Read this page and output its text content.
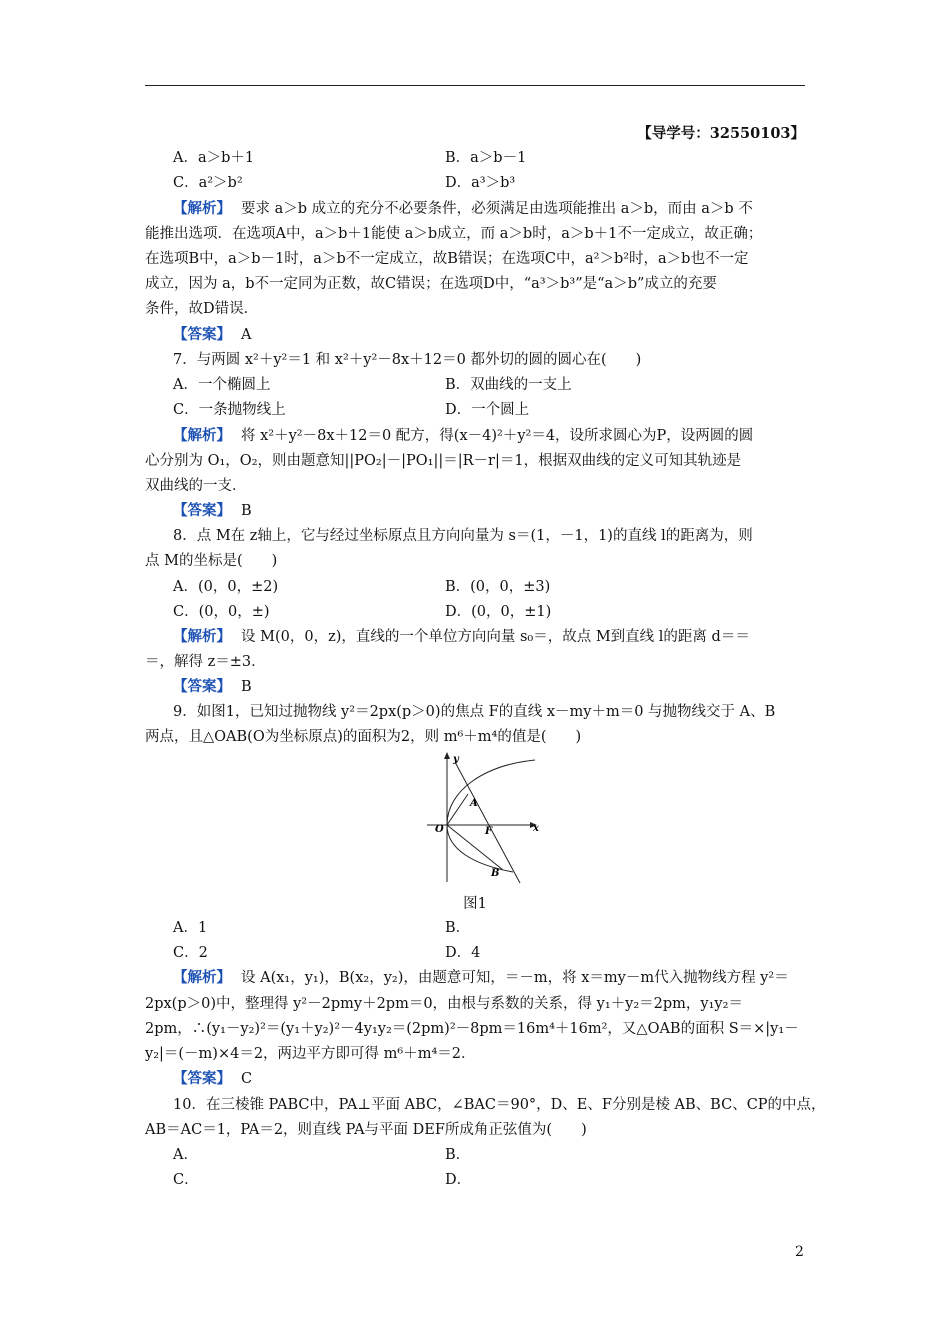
【导学号：32550103】
A．a＞b＋1	B．a＞b－1
C．a²＞b²	D．a³＞b³
【解析】 要求 a＞b 成立的充分不必要条件，必须满足由选项能推出 a＞b，而由 a＞b 不
能推出选项．在选项A中，a＞b＋1能使 a＞b成立，而 a＞b时，a＞b＋1不一定成立，故正确；
在选项B中，a＞b－1时，a＞b不一定成立，故B错误；在选项C中，a²＞b²时，a＞b也不一定
成立，因为 a，b不一定同为正数，故C错误；在选项D中，“a³＞b³”是“a＞b”成立的充要
条件，故D错误．
【答案】 A
7．与两圆 x²＋y²＝1 和 x²＋y²－8x＋12＝0 都外切的圆的圆心在(　　)
A．一个椭圆上	B．双曲线的一支上
C．一条抛物线上	D．一个圆上
【解析】 将 x²＋y²－8x＋12＝0 配方，得(x－4)²＋y²＝4，设所求圆心为P，设两圆的圆
心分别为 O₁，O₂，则由题意知||PO₂|－|PO₁||＝|R－r|＝1，根据双曲线的定义可知其轨迹是
双曲线的一支．
【答案】 B
8．点 M在 z轴上，它与经过坐标原点且方向向量为 s＝(1，－1，1)的直线 l的距离为，则
点 M的坐标是(　　)
A．(0，0，±2)	B．(0，0，±3)
C．(0，0，±)	D．(0，0，±1)
【解析】 设 M(0，0，z)，直线的一个单位方向向量 s₀＝，故点 M到直线 l的距离 d＝＝
＝，解得 z＝±3．
【答案】 B
9．如图1，已知过抛物线 y²＝2px(p＞0)的焦点 F的直线 x－my＋m＝0 与抛物线交于 A、B
两点，且△OAB(O为坐标原点)的面积为2，则 m⁶＋m⁴的值是(　　)
y
x
O
A
F
B
图1
A．1	B．
C．2	D．4
【解析】 设 A(x₁，y₁)，B(x₂，y₂)，由题意可知，＝－m，将 x＝my－m代入抛物线方程 y²＝
2px(p＞0)中，整理得 y²－2pmy＋2pm＝0，由根与系数的关系，得 y₁＋y₂＝2pm，y₁y₂＝
2pm，∴(y₁－y₂)²＝(y₁＋y₂)²－4y₁y₂＝(2pm)²－8pm＝16m⁴＋16m²，又△OAB的面积 S＝×|y₁－
y₂|＝(－m)×4＝2，两边平方即可得 m⁶＋m⁴＝2．
【答案】 C
10．在三棱锥 PABC中，PA⊥平面 ABC，∠BAC＝90°，D、E、F分别是棱 AB、BC、CP的中点，
AB＝AC＝1，PA＝2，则直线 PA与平面 DEF所成角正弦值为(　　)
A．	B．
C．	D．
2
